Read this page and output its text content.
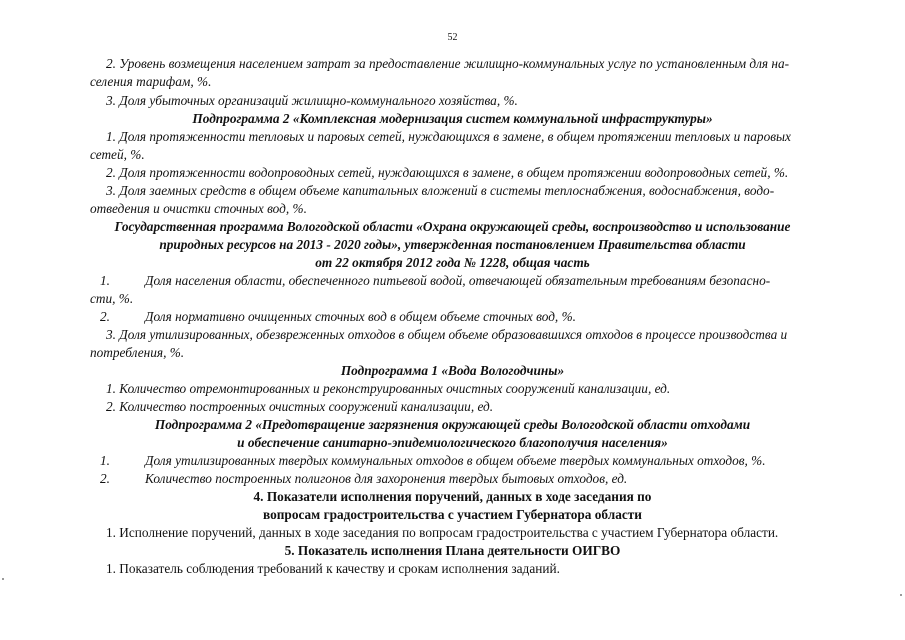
52
2. Уровень возмещения населением затрат за предоставление жилищно-коммунальных услуг по установленным для на-
селения тарифам, %.
3. Доля убыточных организаций жилищно-коммунального хозяйства, %.
Подпрограмма 2 «Комплексная модернизация систем коммунальной инфраструктуры»
1. Доля протяженности тепловых и паровых сетей, нуждающихся в замене, в общем протяжении тепловых и паровых
сетей, %.
2. Доля протяженности водопроводных сетей, нуждающихся в замене, в общем протяжении водопроводных сетей, %.
3. Доля заемных средств в общем объеме капитальных вложений в системы теплоснабжения, водоснабжения, водо-
отведения и очистки сточных вод, %.
Государственная программа Вологодской области «Охрана окружающей среды, воспроизводство и использование
природных ресурсов на 2013 - 2020 годы», утвержденная постановлением Правительства области
от 22 октября 2012 года № 1228, общая часть
1.	Доля населения области, обеспеченного питьевой водой, отвечающей обязательным требованиям безопасно-
сти, %.
2.	Доля нормативно очищенных сточных вод в общем объеме сточных вод, %.
3. Доля утилизированных, обезвреженных отходов в общем объеме образовавшихся отходов в процессе производства и
потребления, %.
Подпрограмма 1 «Вода Вологодчины»
1. Количество отремонтированных и реконструированных очистных сооружений канализации, ед.
2. Количество построенных очистных сооружений канализации, ед.
Подпрограмма 2 «Предотвращение загрязнения окружающей среды Вологодской области отходами
и обеспечение санитарно-эпидемиологического благополучия населения»
1.	Доля утилизированных твердых коммунальных отходов в общем объеме твердых коммунальных отходов, %.
2.	Количество построенных полигонов для захоронения твердых бытовых отходов, ед.
4. Показатели исполнения поручений, данных в ходе заседания по
вопросам градостроительства с участием Губернатора области
1. Исполнение поручений, данных в ходе заседания по вопросам градостроительства с участием Губернатора области.
5. Показатель исполнения Плана деятельности ОИГВО
1. Показатель соблюдения требований к качеству и срокам исполнения заданий.
